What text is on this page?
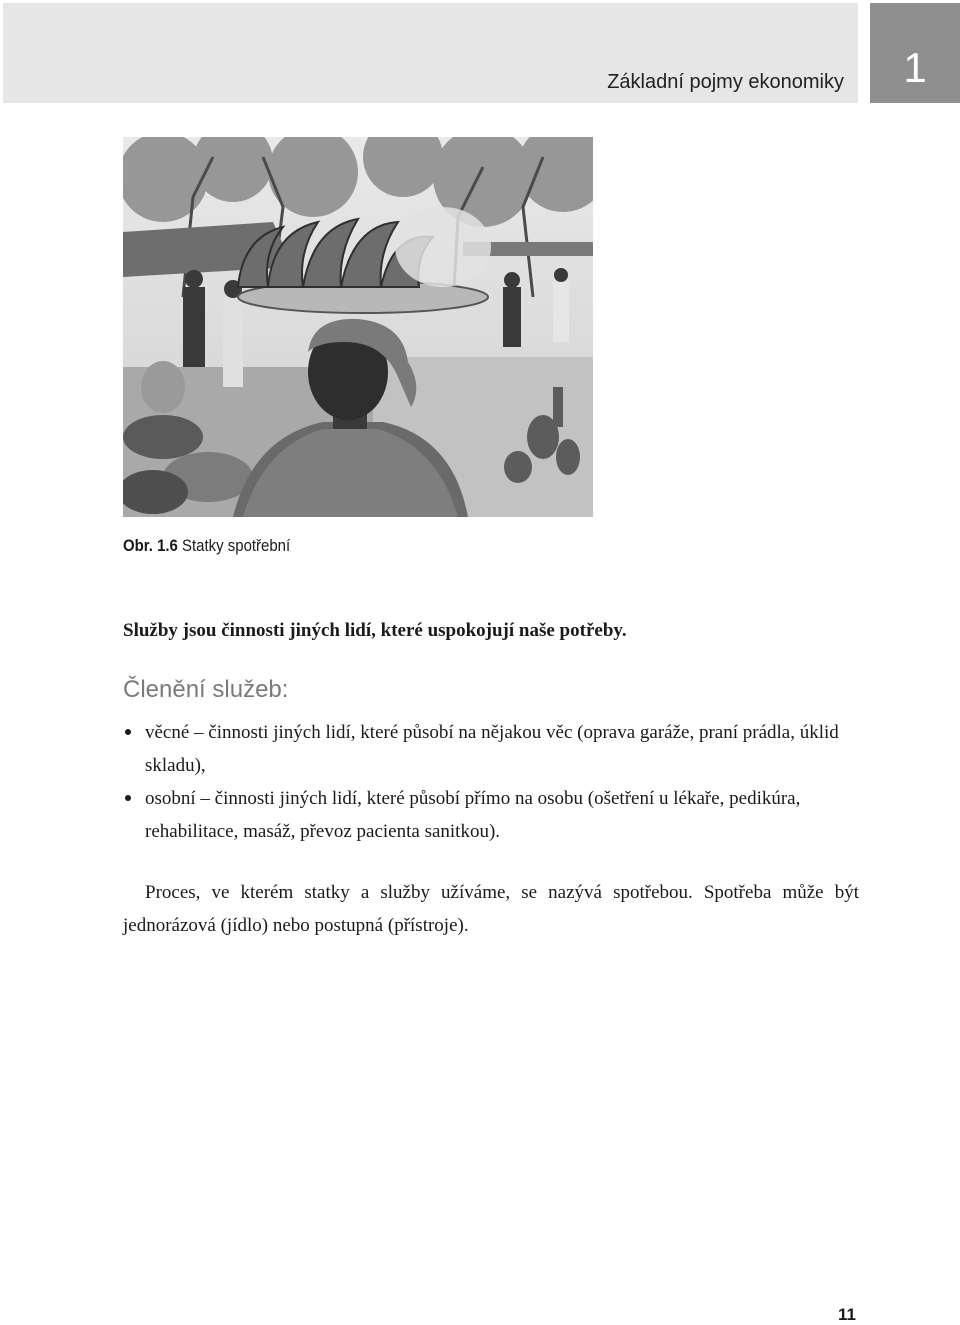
Základní pojmy ekonomiky	1
Obr. 1.6 Statky spotřební
Služby jsou činnosti jiných lidí, které uspokojují naše potřeby.
Členění služeb:
věcné – činnosti jiných lidí, které působí na nějakou věc (oprava garáže, praní prádla, úklid skladu),
osobní – činnosti jiných lidí, které působí přímo na osobu (ošetření u lékaře, pedikúra, rehabilitace, masáž, převoz pacienta sanitkou).
Proces, ve kterém statky a služby užíváme, se nazývá spotřebou. Spotřeba může být jednorázová (jídlo) nebo postupná (přístroje).
11
